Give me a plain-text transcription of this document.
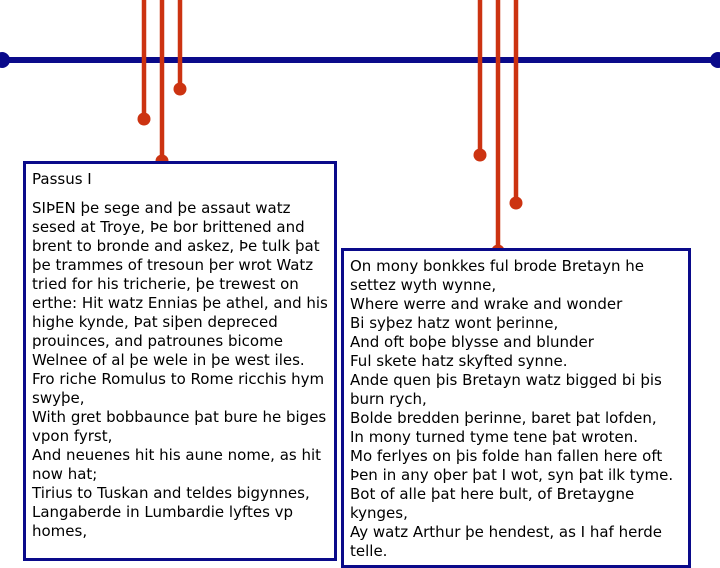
Passus I
SIÞEN þe sege and þe assaut watz sesed at Troye, Þe bor brittened and brent to bronde and askez, Þe tulk þat þe trammes of tresoun þer wrot Watz tried for his tricherie, þe trewest on erthe: Hit watz Ennias þe athel, and his highe kynde, Þat siþen depreced prouinces, and patrounes bicome Welnee of al þe wele in þe west iles.
Fro riche Romulus to Rome ricchis hym swyþe,
With gret bobbaunce þat bure he biges vpon fyrst,
And neuenes hit his aune nome, as hit now hat;
Tirius to Tuskan and teldes bigynnes,
Langaberde in Lumbardie lyftes vp homes,
On mony bonkkes ful brode Bretayn he settez wyth wynne,
Where werre and wrake and wonder
Bi syþez hatz wont þerinne,
And oft boþe blysse and blunder
Ful skete hatz skyfted synne.
Ande quen þis Bretayn watz bigged bi þis burn rych,
Bolde bredden þerinne, baret þat lofden,
In mony turned tyme tene þat wroten.
Mo ferlyes on þis folde han fallen here oft Þen in any oþer þat I wot, syn þat ilk tyme.
Bot of alle þat here bult, of Bretaygne kynges,
Ay watz Arthur þe hendest, as I haf herde telle.
